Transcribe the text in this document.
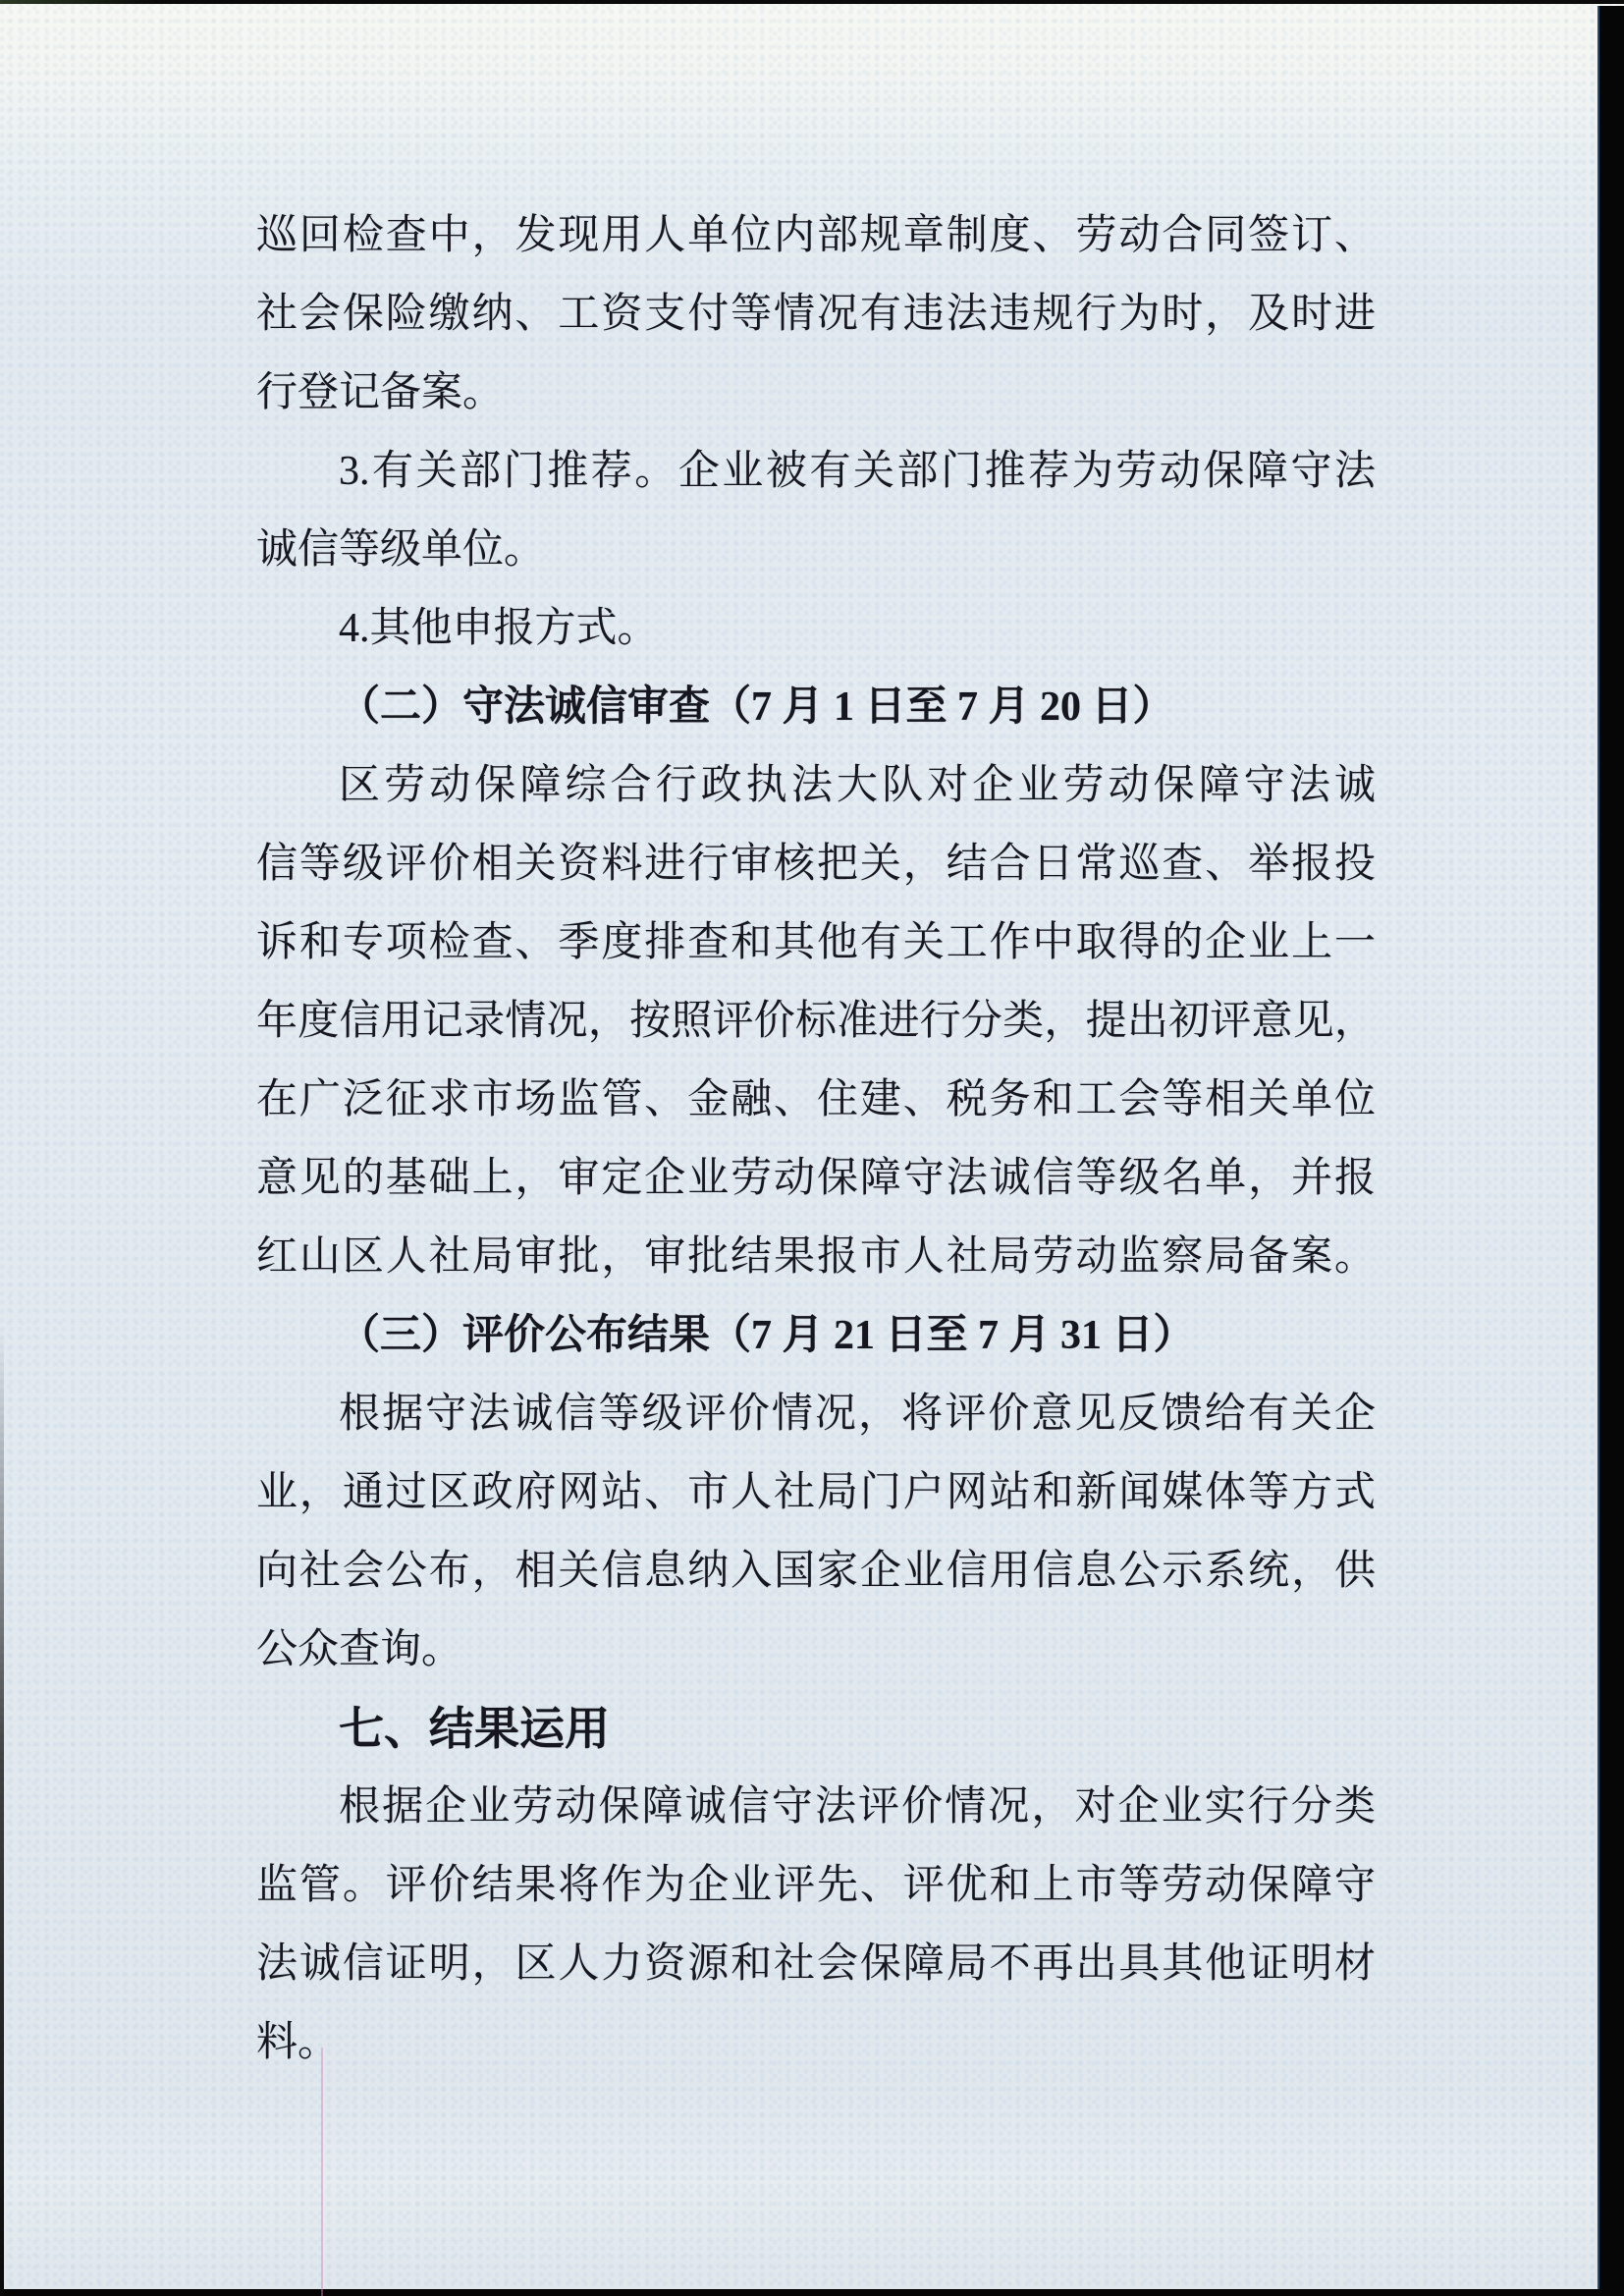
巡回检查中，发现用人单位内部规章制度、劳动合同签订、
社会保险缴纳、工资支付等情况有违法违规行为时，及时进
行登记备案。
3.有关部门推荐。企业被有关部门推荐为劳动保障守法
诚信等级单位。
4.其他申报方式。
（二）守法诚信审查（7 月 1 日至 7 月 20 日）
区劳动保障综合行政执法大队对企业劳动保障守法诚
信等级评价相关资料进行审核把关，结合日常巡查、举报投
诉和专项检查、季度排查和其他有关工作中取得的企业上一
年度信用记录情况，按照评价标准进行分类，提出初评意见，
在广泛征求市场监管、金融、住建、税务和工会等相关单位
意见的基础上，审定企业劳动保障守法诚信等级名单，并报
红山区人社局审批，审批结果报市人社局劳动监察局备案。
（三）评价公布结果（7 月 21 日至 7 月 31 日）
根据守法诚信等级评价情况，将评价意见反馈给有关企
业，通过区政府网站、市人社局门户网站和新闻媒体等方式
向社会公布，相关信息纳入国家企业信用信息公示系统，供
公众查询。
七、结果运用
根据企业劳动保障诚信守法评价情况，对企业实行分类
监管。评价结果将作为企业评先、评优和上市等劳动保障守
法诚信证明，区人力资源和社会保障局不再出具其他证明材
料。
